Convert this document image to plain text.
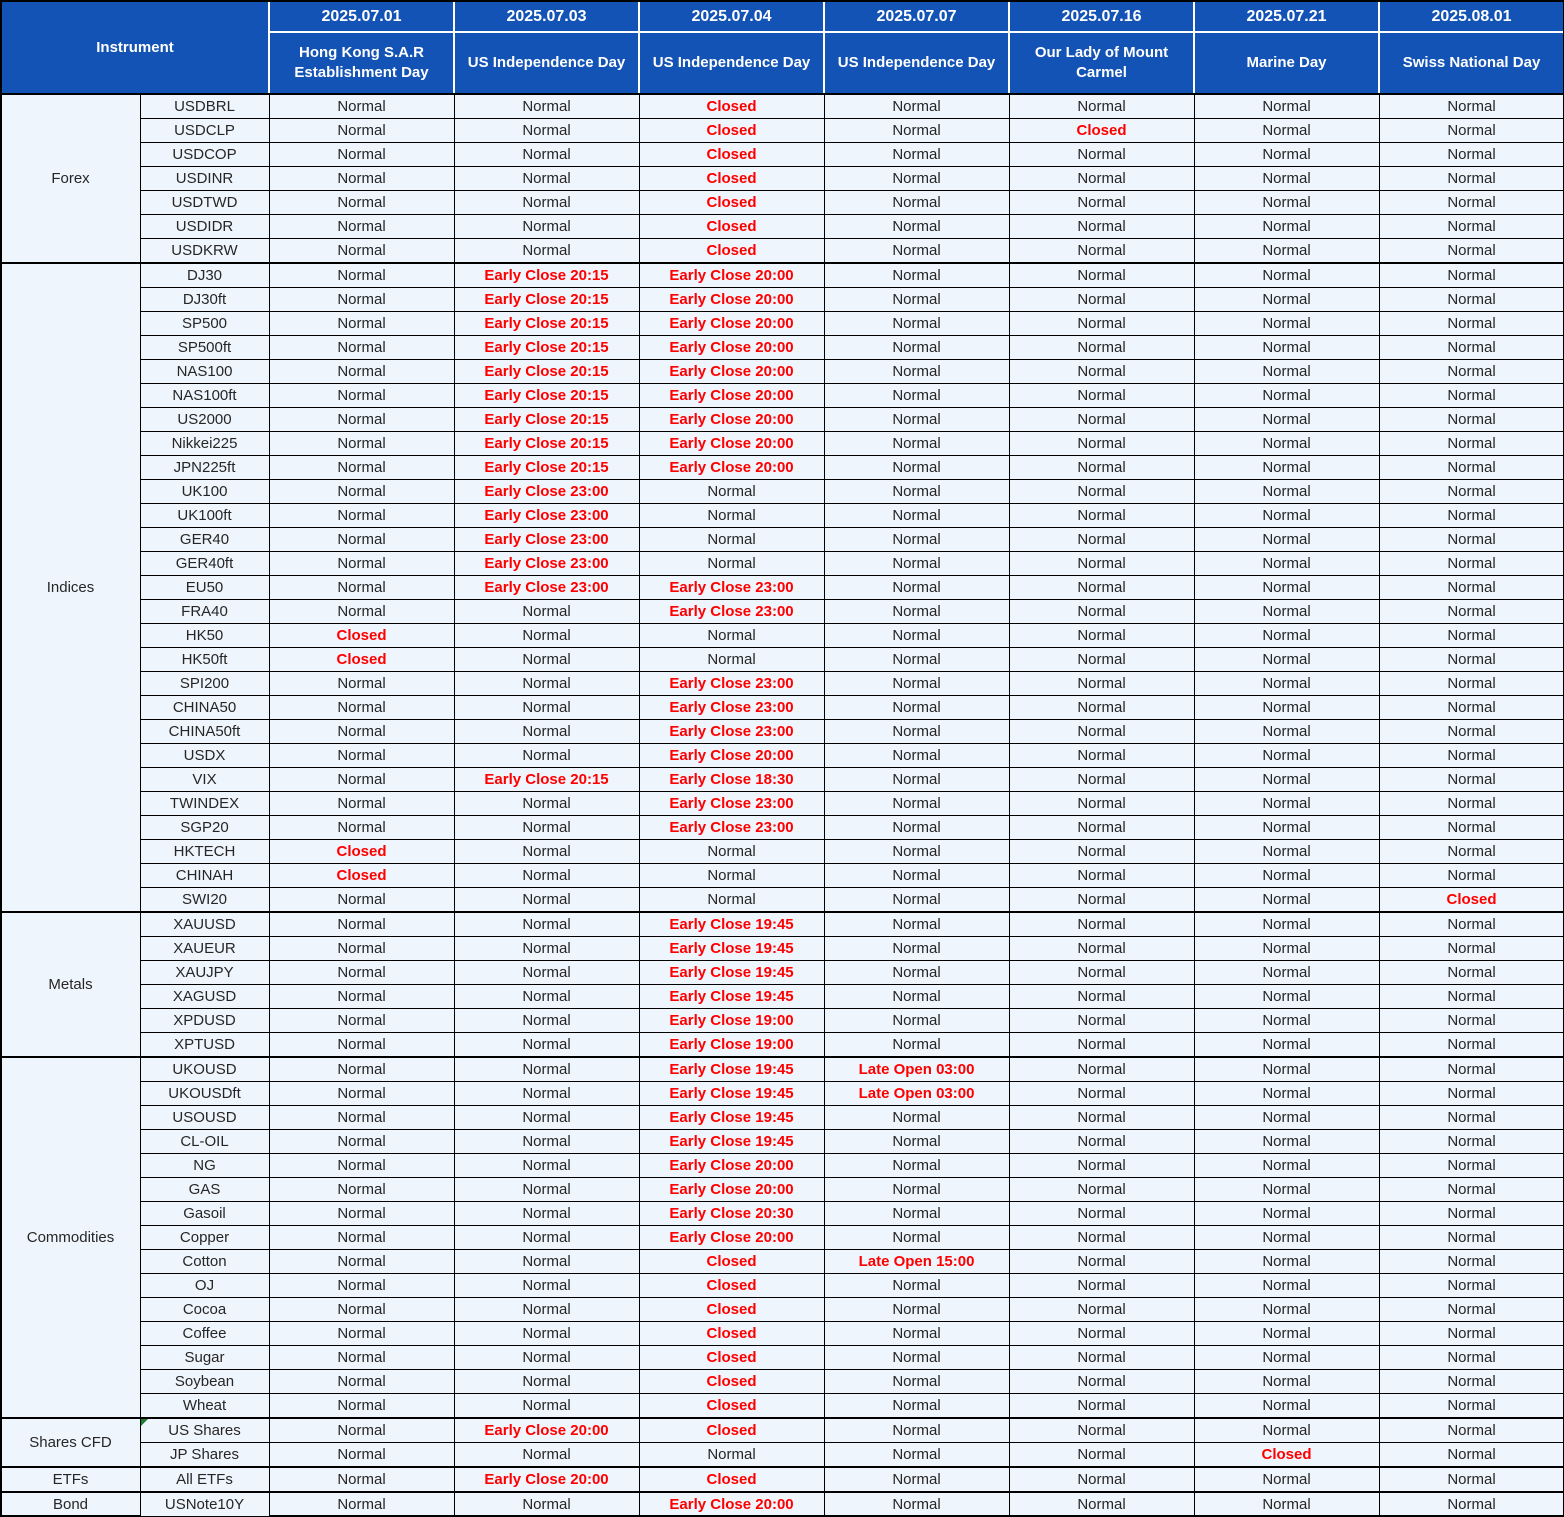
Instrument		2025.07.01	2025.07.03	2025.07.04	2025.07.07	2025.07.16	2025.07.21	2025.08.01
		Hong Kong S.A.R Establishment Day	US Independence Day	US Independence Day	US Independence Day	Our Lady of Mount Carmel	Marine Day	Swiss National Day
Forex	USDBRL	Normal	Normal	Closed	Normal	Normal	Normal	Normal
	USDCLP	Normal	Normal	Closed	Normal	Closed	Normal	Normal
	USDCOP	Normal	Normal	Closed	Normal	Normal	Normal	Normal
	USDINR	Normal	Normal	Closed	Normal	Normal	Normal	Normal
	USDTWD	Normal	Normal	Closed	Normal	Normal	Normal	Normal
	USDIDR	Normal	Normal	Closed	Normal	Normal	Normal	Normal
	USDKRW	Normal	Normal	Closed	Normal	Normal	Normal	Normal
Indices	DJ30	Normal	Early Close 20:15	Early Close 20:00	Normal	Normal	Normal	Normal
	DJ30ft	Normal	Early Close 20:15	Early Close 20:00	Normal	Normal	Normal	Normal
	SP500	Normal	Early Close 20:15	Early Close 20:00	Normal	Normal	Normal	Normal
	SP500ft	Normal	Early Close 20:15	Early Close 20:00	Normal	Normal	Normal	Normal
	NAS100	Normal	Early Close 20:15	Early Close 20:00	Normal	Normal	Normal	Normal
	NAS100ft	Normal	Early Close 20:15	Early Close 20:00	Normal	Normal	Normal	Normal
	US2000	Normal	Early Close 20:15	Early Close 20:00	Normal	Normal	Normal	Normal
	Nikkei225	Normal	Early Close 20:15	Early Close 20:00	Normal	Normal	Normal	Normal
	JPN225ft	Normal	Early Close 20:15	Early Close 20:00	Normal	Normal	Normal	Normal
	UK100	Normal	Early Close 23:00	Normal	Normal	Normal	Normal	Normal
	UK100ft	Normal	Early Close 23:00	Normal	Normal	Normal	Normal	Normal
	GER40	Normal	Early Close 23:00	Normal	Normal	Normal	Normal	Normal
	GER40ft	Normal	Early Close 23:00	Normal	Normal	Normal	Normal	Normal
	EU50	Normal	Early Close 23:00	Early Close 23:00	Normal	Normal	Normal	Normal
	FRA40	Normal	Normal	Early Close 23:00	Normal	Normal	Normal	Normal
	HK50	Closed	Normal	Normal	Normal	Normal	Normal	Normal
	HK50ft	Closed	Normal	Normal	Normal	Normal	Normal	Normal
	SPI200	Normal	Normal	Early Close 23:00	Normal	Normal	Normal	Normal
	CHINA50	Normal	Normal	Early Close 23:00	Normal	Normal	Normal	Normal
	CHINA50ft	Normal	Normal	Early Close 23:00	Normal	Normal	Normal	Normal
	USDX	Normal	Normal	Early Close 20:00	Normal	Normal	Normal	Normal
	VIX	Normal	Early Close 20:15	Early Close 18:30	Normal	Normal	Normal	Normal
	TWINDEX	Normal	Normal	Early Close 23:00	Normal	Normal	Normal	Normal
	SGP20	Normal	Normal	Early Close 23:00	Normal	Normal	Normal	Normal
	HKTECH	Closed	Normal	Normal	Normal	Normal	Normal	Normal
	CHINAH	Closed	Normal	Normal	Normal	Normal	Normal	Normal
	SWI20	Normal	Normal	Normal	Normal	Normal	Normal	Closed
Metals	XAUUSD	Normal	Normal	Early Close 19:45	Normal	Normal	Normal	Normal
	XAUEUR	Normal	Normal	Early Close 19:45	Normal	Normal	Normal	Normal
	XAUJPY	Normal	Normal	Early Close 19:45	Normal	Normal	Normal	Normal
	XAGUSD	Normal	Normal	Early Close 19:45	Normal	Normal	Normal	Normal
	XPDUSD	Normal	Normal	Early Close 19:00	Normal	Normal	Normal	Normal
	XPTUSD	Normal	Normal	Early Close 19:00	Normal	Normal	Normal	Normal
Commodities	UKOUSD	Normal	Normal	Early Close 19:45	Late Open 03:00	Normal	Normal	Normal
	UKOUSDft	Normal	Normal	Early Close 19:45	Late Open 03:00	Normal	Normal	Normal
	USOUSD	Normal	Normal	Early Close 19:45	Normal	Normal	Normal	Normal
	CL-OIL	Normal	Normal	Early Close 19:45	Normal	Normal	Normal	Normal
	NG	Normal	Normal	Early Close 20:00	Normal	Normal	Normal	Normal
	GAS	Normal	Normal	Early Close 20:00	Normal	Normal	Normal	Normal
	Gasoil	Normal	Normal	Early Close 20:30	Normal	Normal	Normal	Normal
	Copper	Normal	Normal	Early Close 20:00	Normal	Normal	Normal	Normal
	Cotton	Normal	Normal	Closed	Late Open 15:00	Normal	Normal	Normal
	OJ	Normal	Normal	Closed	Normal	Normal	Normal	Normal
	Cocoa	Normal	Normal	Closed	Normal	Normal	Normal	Normal
	Coffee	Normal	Normal	Closed	Normal	Normal	Normal	Normal
	Sugar	Normal	Normal	Closed	Normal	Normal	Normal	Normal
	Soybean	Normal	Normal	Closed	Normal	Normal	Normal	Normal
	Wheat	Normal	Normal	Closed	Normal	Normal	Normal	Normal
Shares CFD	US Shares	Normal	Early Close 20:00	Closed	Normal	Normal	Normal	Normal
	JP Shares	Normal	Normal	Normal	Normal	Normal	Closed	Normal
ETFs	All ETFs	Normal	Early Close 20:00	Closed	Normal	Normal	Normal	Normal
Bond	USNote10Y	Normal	Normal	Early Close 20:00	Normal	Normal	Normal	Normal
